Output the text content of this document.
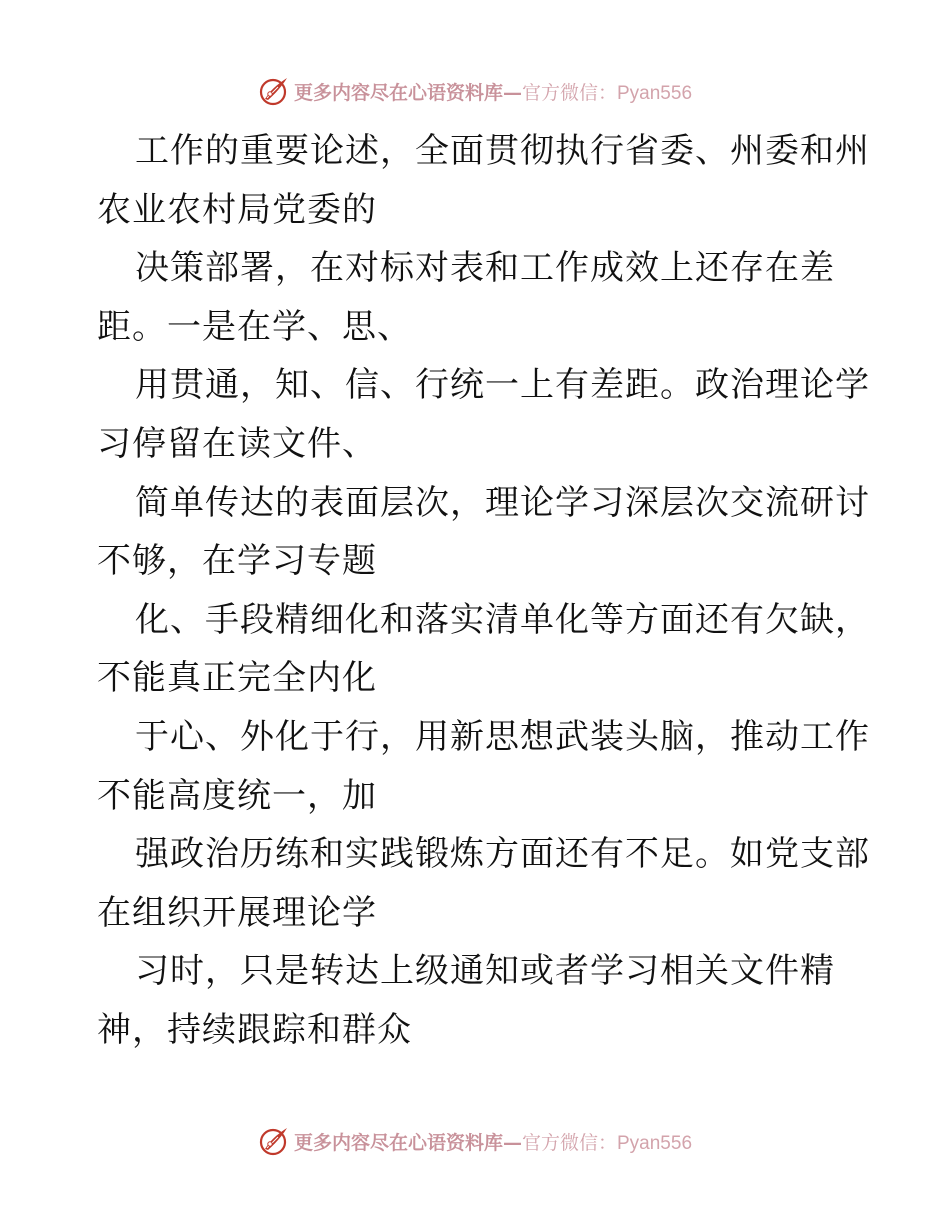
更多内容尽在心语资料库—官方微信：Pyan556
工作的重要论述，全面贯彻执行省委、州委和州
农业农村局党委的
决策部署，在对标对表和工作成效上还存在差
距。一是在学、思、
用贯通，知、信、行统一上有差距。政治理论学
习停留在读文件、
简单传达的表面层次，理论学习深层次交流研讨
不够，在学习专题
化、手段精细化和落实清单化等方面还有欠缺，
不能真正完全内化
于心、外化于行，用新思想武装头脑，推动工作
不能高度统一，加
强政治历练和实践锻炼方面还有不足。如党支部
在组织开展理论学
习时，只是转达上级通知或者学习相关文件精
神，持续跟踪和群众
更多内容尽在心语资料库—官方微信：Pyan556
